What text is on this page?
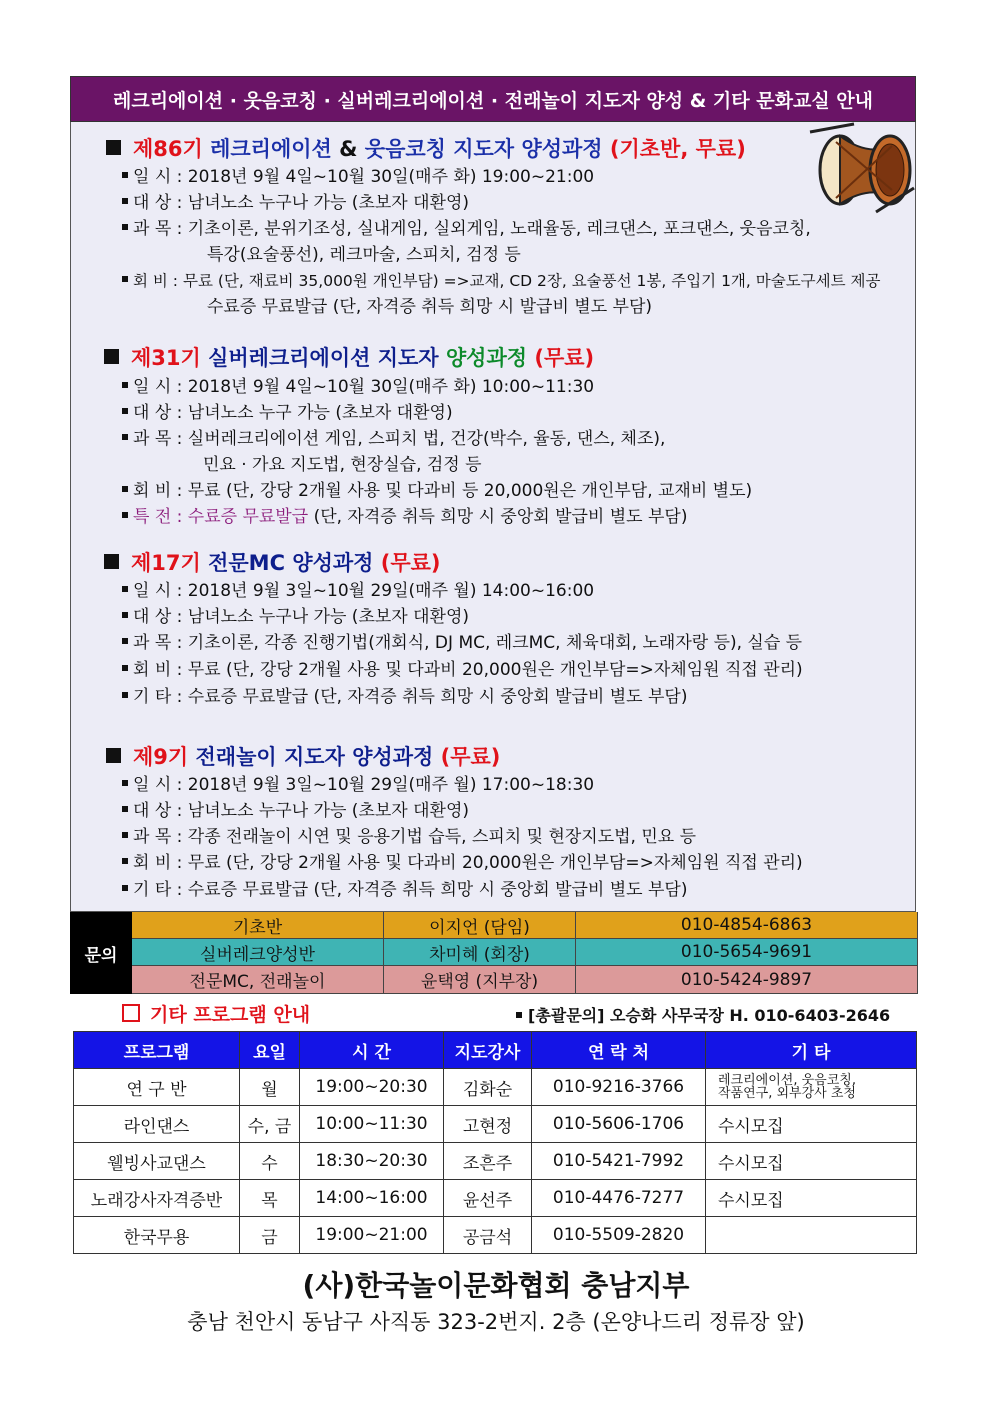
레크리에이션 · 웃음코칭 · 실버레크리에이션 · 전래놀이 지도자 양성 & 기타 문화교실 안내
제86기 레크리에이션 & 웃음코칭 지도자 양성과정 (기초반, 무료)
일 시 : 2018년 9월 4일~10월 30일(매주 화) 19:00~21:00
대 상 : 남녀노소 누구나 가능 (초보자 대환영)
과 목 : 기초이론, 분위기조성, 실내게임, 실외게임, 노래율동, 레크댄스, 포크댄스, 웃음코칭,
특강(요술풍선), 레크마술, 스피치, 검정 등
회 비 : 무료 (단, 재료비 35,000원 개인부담) =>교재, CD 2장, 요술풍선 1봉, 주입기 1개, 마술도구세트 제공
수료증 무료발급 (단, 자격증 취득 희망 시 발급비 별도 부담)
제31기 실버레크리에이션 지도자 양성과정 (무료)
일 시 : 2018년 9월 4일~10월 30일(매주 화) 10:00~11:30
대 상 : 남녀노소 누구 가능 (초보자 대환영)
과 목 : 실버레크리에이션 게임, 스피치 법, 건강(박수, 율동, 댄스, 체조),
민요 · 가요 지도법, 현장실습, 검정 등
회 비 : 무료 (단, 강당 2개월 사용 및 다과비 등 20,000원은 개인부담, 교재비 별도)
특 전 : 수료증 무료발급 (단, 자격증 취득 희망 시 중앙회 발급비 별도 부담)
제17기 전문MC 양성과정 (무료)
일 시 : 2018년 9월 3일~10월 29일(매주 월) 14:00~16:00
대 상 : 남녀노소 누구나 가능 (초보자 대환영)
과 목 : 기초이론, 각종 진행기법(개회식, DJ MC, 레크MC, 체육대회, 노래자랑 등), 실습 등
회 비 : 무료 (단, 강당 2개월 사용 및 다과비 20,000원은 개인부담=>자체임원 직접 관리)
기 타 : 수료증 무료발급 (단, 자격증 취득 희망 시 중앙회 발급비 별도 부담)
제9기 전래놀이 지도자 양성과정 (무료)
일 시 : 2018년 9월 3일~10월 29일(매주 월) 17:00~18:30
대 상 : 남녀노소 누구나 가능 (초보자 대환영)
과 목 : 각종 전래놀이 시연 및 응용기법 습득, 스피치 및 현장지도법, 민요 등
회 비 : 무료 (단, 강당 2개월 사용 및 다과비 20,000원은 개인부담=>자체임원 직접 관리)
기 타 : 수료증 무료발급 (단, 자격증 취득 희망 시 중앙회 발급비 별도 부담)
문의
기초반	이지언 (담임)	010-4854-6863
실버레크양성반	차미혜 (회장)	010-5654-9691
전문MC, 전래놀이	윤택영 (지부장)	010-5424-9897
기타 프로그램 안내	[총괄문의] 오승화 사무국장 H. 010-6403-2646
프로그램	요일	시 간	지도강사	연 락 처	기 타
연 구 반	월	19:00~20:30	김화순	010-9216-3766	레크리에이션, 웃음코칭,
작품연구, 외부강사 초청
라인댄스	수, 금	10:00~11:30	고현정	010-5606-1706	수시모집
웰빙사교댄스	수	18:30~20:30	조흔주	010-5421-7992	수시모집
노래강사자격증반	목	14:00~16:00	윤선주	010-4476-7277	수시모집
한국무용	금	19:00~21:00	공금석	010-5509-2820	
(사)한국놀이문화협회 충남지부
충남 천안시 동남구 사직동 323-2번지. 2층 (온양나드리 정류장 앞)
